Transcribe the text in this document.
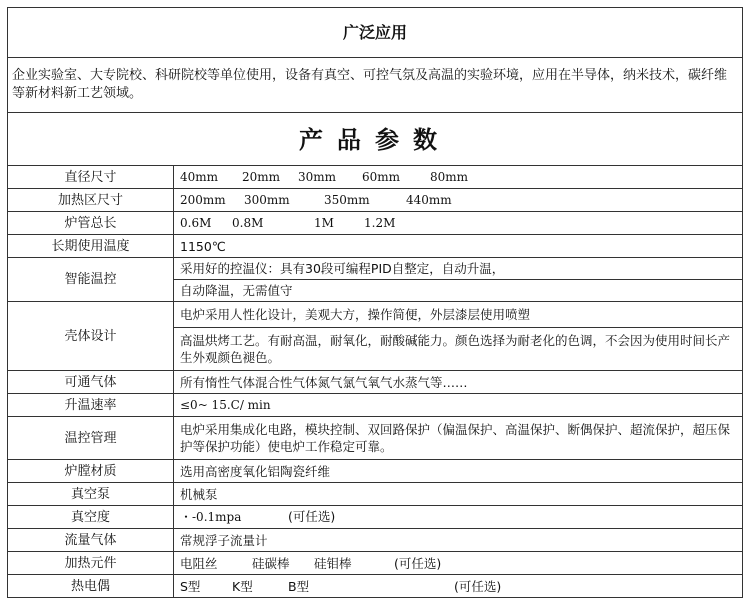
广泛应用	
企业实验室、大专院校、科研院校等单位使用，设备有真空、可控气氛及高温的实验环境，应用在半导体，纳米技术，碳纤维等新材料新工艺领域。	
产品参数	
直径尺寸	40mm 20mm 30mm 60mm 80mm
加热区尺寸	200mm 300mm 350mm 440mm
炉管总长	0.6M 0.8M 1M 1.2M
长期使用温度	1150℃
智能温控	采用好的控温仪：具有30段可编程PID自整定，自动升温，
自动降温，无需值守

壳体设计	电炉采用人性化设计，美观大方，操作简便，外层漆层使用喷塑
高温烘烤工艺。有耐高温，耐氧化，耐酸碱能力。颜色选择为耐老化的色调，不会因为使用时间长产生外观颜色褪色。

可通气体	所有惰性气体混合性气体氮气氯气氧气水蒸气等……
升温速率	≤0~ 15.C/ min
温控管理	电炉采用集成化电路，模块控制、双回路保护（偏温保护、高温保护、断偶保护、超流保护，超压保护等保护功能）使电炉工作稳定可靠。
炉膛材质	选用高密度氧化铝陶瓷纤维
真空泵	机械泵
真空度	・-0.1mpa (可任选)
流量气体	常规浮子流量计
加热元件	电阻丝 硅碳棒 硅钼棒 (可任选)
热电偶	S型 K型 B型 (可任选)
